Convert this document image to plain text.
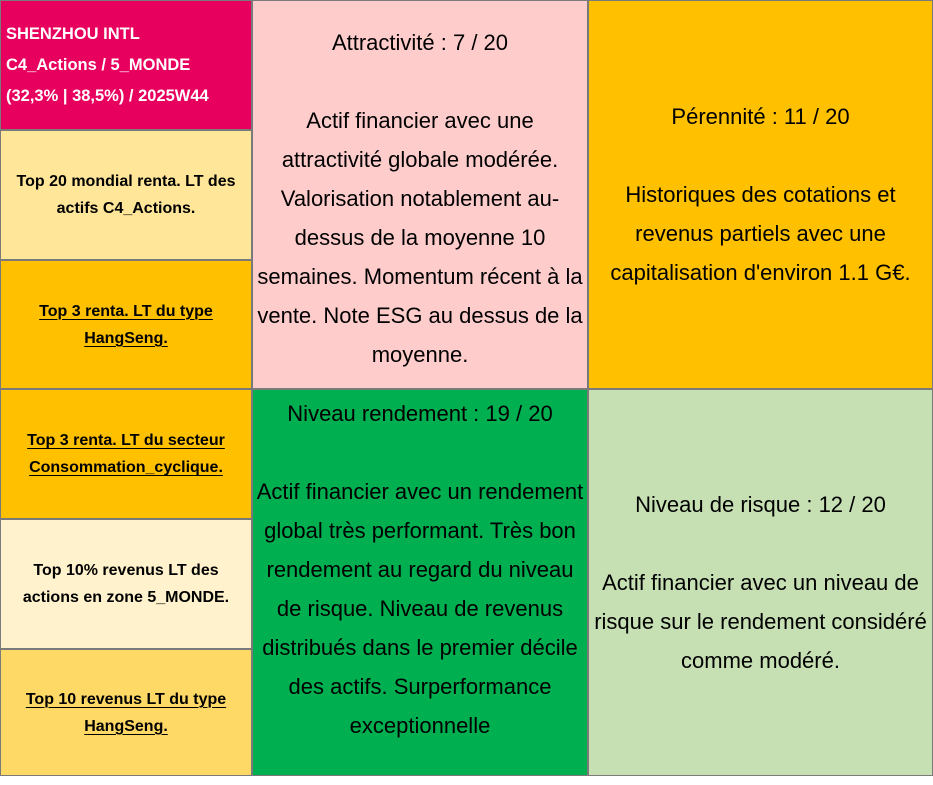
SHENZHOU INTL
C4_Actions / 5_MONDE
(32,3% | 38,5%) / 2025W44
Top 20 mondial renta. LT des actifs C4_Actions.
Top 3 renta. LT du type HangSeng.
Top 3 renta. LT du secteur Consommation_cyclique.
Top 10% revenus LT des actions en zone 5_MONDE.
Top 10 revenus LT du type HangSeng.
Attractivité : 7 / 20
Actif financier avec une attractivité globale modérée. Valorisation notablement au-dessus de la moyenne 10 semaines. Momentum récent à la vente. Note ESG au dessus de la moyenne.
Pérennité : 11 / 20
Historiques des cotations et revenus partiels avec une capitalisation d'environ 1.1 G€.
Niveau rendement : 19 / 20
Actif financier avec un rendement global très performant. Très bon rendement au regard du niveau de risque. Niveau de revenus distribués dans le premier décile des actifs. Surperformance exceptionnelle
Niveau de risque : 12 / 20
Actif financier avec un niveau de risque sur le rendement considéré comme modéré.
